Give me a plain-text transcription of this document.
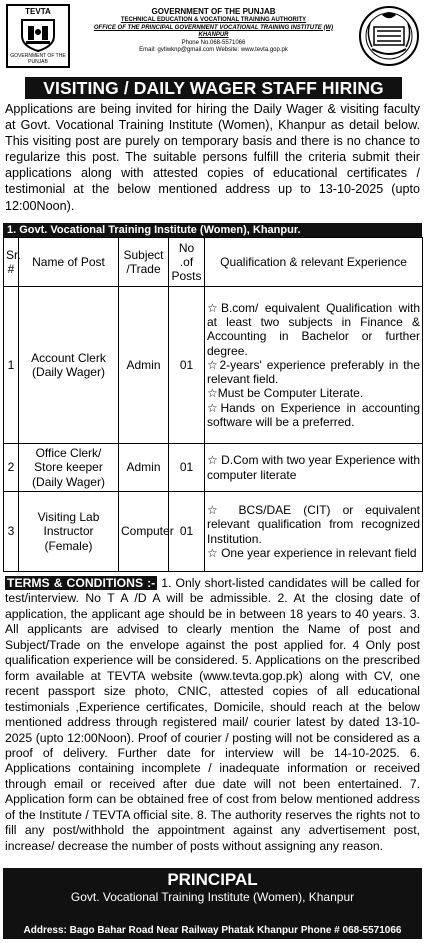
TEVTA
GOVERNMENT OF THE PUNJAB
GOVERNMENT OF THE PUNJAB
TECHNICAL EDUCATION & VOCATIONAL TRAINING AUTHORITY
OFFICE OF THE PRINCIPAL GOVERNMENT VOCATIONAL TRAINING INSTITUTE (W)
KHANPUR
Phone No.068-5571066
Email: gvtiwknp@gmail.com Website: www.tevta.gop.pk
VISITING / DAILY WAGER STAFF HIRING
Applications are being invited for hiring the Daily Wager & visiting faculty at Govt. Vocational Training Institute (Women), Khanpur as detail below. This visiting post are purely on temporary basis and there is no chance to regularize this post. The suitable persons fulfill the criteria submit their applications along with attested copies of educational certificates / testimonial at the below mentioned address up to 13-10-2025 (upto 12:00Noon).
1. Govt. Vocational Training Institute (Women), Khanpur.
Sr. #	Name of Post	Subject /Trade	No .of Posts	Qualification & relevant Experience
1	Account Clerk (Daily Wager)	Admin	01	☆B.com/ equivalent Qualification with at least two subjects in Finance & Accounting in Bachelor or further degree.
☆2-years' experience preferably in the relevant field.
☆Must be Computer Literate.
☆Hands on Experience in accounting software will be a preferred.

2	Office Clerk/ Store keeper (Daily Wager)	Admin	01	☆ D.Com with two year Experience with computer literate

3	Visiting Lab Instructor (Female)	Computer	01	☆ BCS/DAE (CIT) or equivalent relevant qualification from recognized Institution.
☆ One year experience in relevant field
TERMS & CONDITIONS :- 1. Only short-listed candidates will be called for test/interview. No T A /D A will be admissible. 2. At the closing date of application, the applicant age should be in between 18 years to 40 years. 3. All applicants are advised to clearly mention the Name of post and Subject/Trade on the envelope against the post applied for. 4 Only post qualification experience will be considered. 5. Applications on the prescribed form available at TEVTA website (www.tevta.gop.pk) along with CV, one recent passport size photo, CNIC, attested copies of all educational testimonials ,Experience certificates, Domicile, should reach at the below mentioned address through registered mail/ courier latest by dated 13-10-2025 (upto 12:00Noon). Proof of courier / posting will not be considered as a proof of delivery. Further date for interview will be 14-10-2025. 6. Applications containing incomplete / inadequate information or received through email or received after due date will not been entertained. 7. Application form can be obtained free of cost from below mentioned address of the Institute / TEVTA official site. 8. The authority reserves the rights not to fill any post/withhold the appointment against any advertisement post, increase/ decrease the number of posts without assigning any reason.
PRINCIPAL
Govt. Vocational Training Institute (Women), Khanpur
Address: Bago Bahar Road Near Railway Phatak Khanpur Phone # 068-5571066
